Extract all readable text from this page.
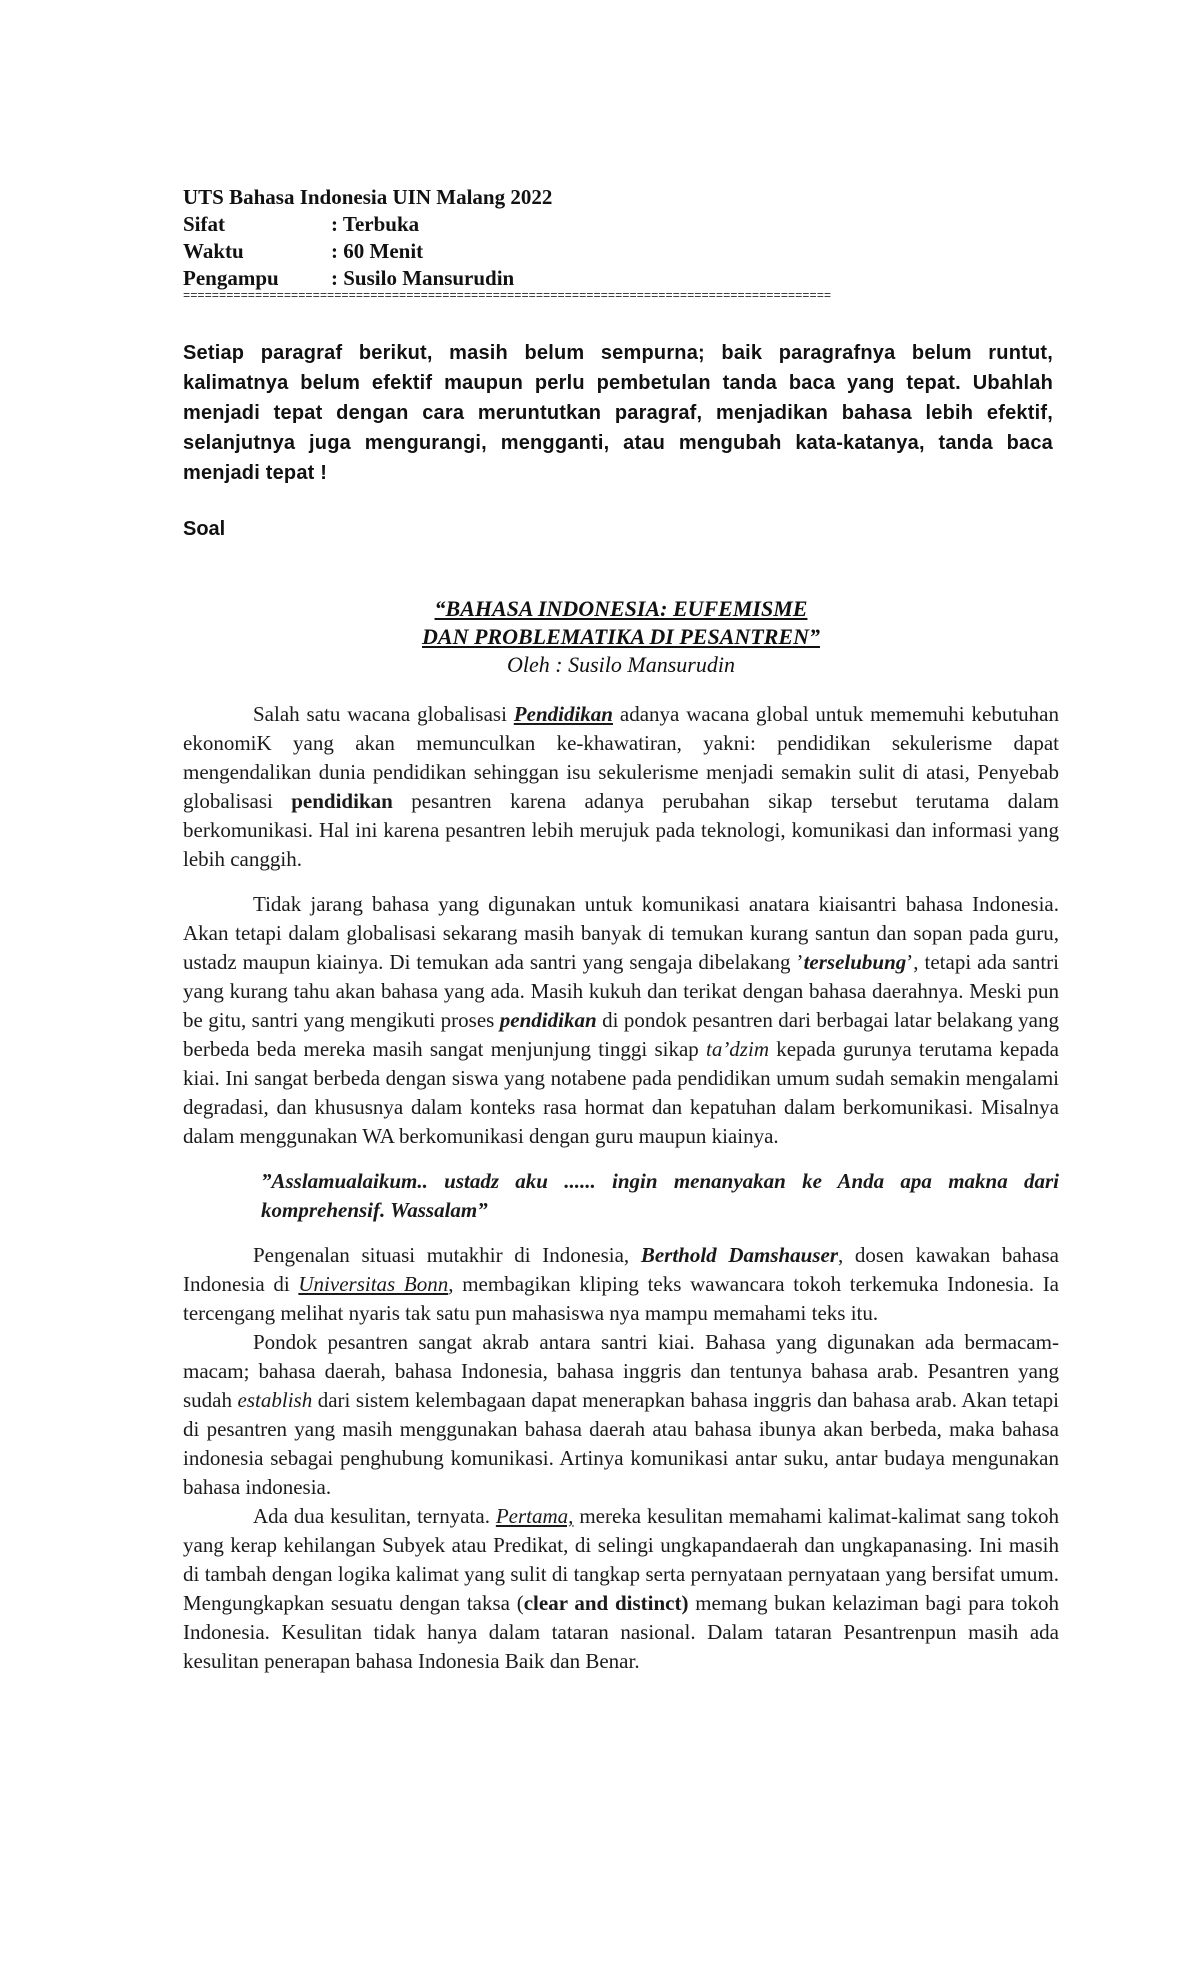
UTS Bahasa Indonesia UIN Malang 2022
Sifat	: Terbuka
Waktu	: 60 Menit
Pengampu	: Susilo Mansurudin
==========================================================================================
Setiap paragraf berikut, masih belum sempurna; baik paragrafnya belum runtut, kalimatnya belum efektif maupun perlu pembetulan tanda baca yang tepat. Ubahlah menjadi tepat dengan cara meruntutkan paragraf, menjadikan bahasa lebih efektif, selanjutnya juga mengurangi, mengganti, atau mengubah kata-katanya, tanda baca menjadi tepat !
Soal
“BAHASA INDONESIA: EUFEMISME
DAN PROBLEMATIKA DI PESANTREN”
Oleh : Susilo Mansurudin

Salah satu wacana globalisasi Pendidikan adanya wacana global untuk mememuhi kebutuhan ekonomiK yang akan memunculkan ke-khawatiran, yakni: pendidikan sekulerisme dapat mengendalikan dunia pendidikan sehinggan isu sekulerisme menjadi semakin sulit di atasi, Penyebab globalisasi pendidikan pesantren karena adanya perubahan sikap tersebut terutama dalam berkomunikasi. Hal ini karena pesantren lebih merujuk pada teknologi, komunikasi dan informasi yang lebih canggih.

Tidak jarang bahasa yang digunakan untuk komunikasi anatara kiaisantri bahasa Indonesia. Akan tetapi dalam globalisasi sekarang masih banyak di temukan kurang santun dan sopan pada guru, ustadz maupun kiainya. Di temukan ada santri yang sengaja dibelakang ’terselubung’, tetapi ada santri yang kurang tahu akan bahasa yang ada. Masih kukuh dan terikat dengan bahasa daerahnya. Meski pun be gitu, santri yang mengikuti proses pendidikan di pondok pesantren dari berbagai latar belakang yang berbeda beda mereka masih sangat menjunjung tinggi sikap ta’dzim kepada gurunya terutama kepada kiai. Ini sangat berbeda dengan siswa yang notabene pada pendidikan umum sudah semakin mengalami degradasi, dan khususnya dalam konteks rasa hormat dan kepatuhan dalam berkomunikasi. Misalnya dalam menggunakan WA berkomunikasi dengan guru maupun kiainya.

”Asslamualaikum.. ustadz aku ...... ingin menanyakan ke Anda apa makna dari komprehensif. Wassalam”

Pengenalan situasi mutakhir di Indonesia, Berthold Damshauser, dosen kawakan bahasa Indonesia di Universitas Bonn, membagikan kliping teks wawancara tokoh terkemuka Indonesia. Ia tercengang melihat nyaris tak satu pun mahasiswa nya mampu memahami teks itu.

Pondok pesantren sangat akrab antara santri kiai. Bahasa yang digunakan ada bermacam- macam; bahasa daerah, bahasa Indonesia, bahasa inggris dan tentunya bahasa arab. Pesantren yang sudah establish dari sistem kelembagaan dapat menerapkan bahasa inggris dan bahasa arab. Akan tetapi di pesantren yang masih menggunakan bahasa daerah atau bahasa ibunya akan berbeda, maka bahasa indonesia sebagai penghubung komunikasi. Artinya komunikasi antar suku, antar budaya mengunakan bahasa indonesia.

Ada dua kesulitan, ternyata. Pertama, mereka kesulitan memahami kalimat-kalimat sang tokoh yang kerap kehilangan Subyek atau Predikat, di selingi ungkapandaerah dan ungkapanasing. Ini masih di tambah dengan logika kalimat yang sulit di tangkap serta pernyataan pernyataan yang bersifat umum. Mengungkapkan sesuatu dengan taksa (clear and distinct) memang bukan kelaziman bagi para tokoh Indonesia. Kesulitan tidak hanya dalam tataran nasional. Dalam tataran Pesantrenpun masih ada kesulitan penerapan bahasa Indonesia Baik dan Benar.
